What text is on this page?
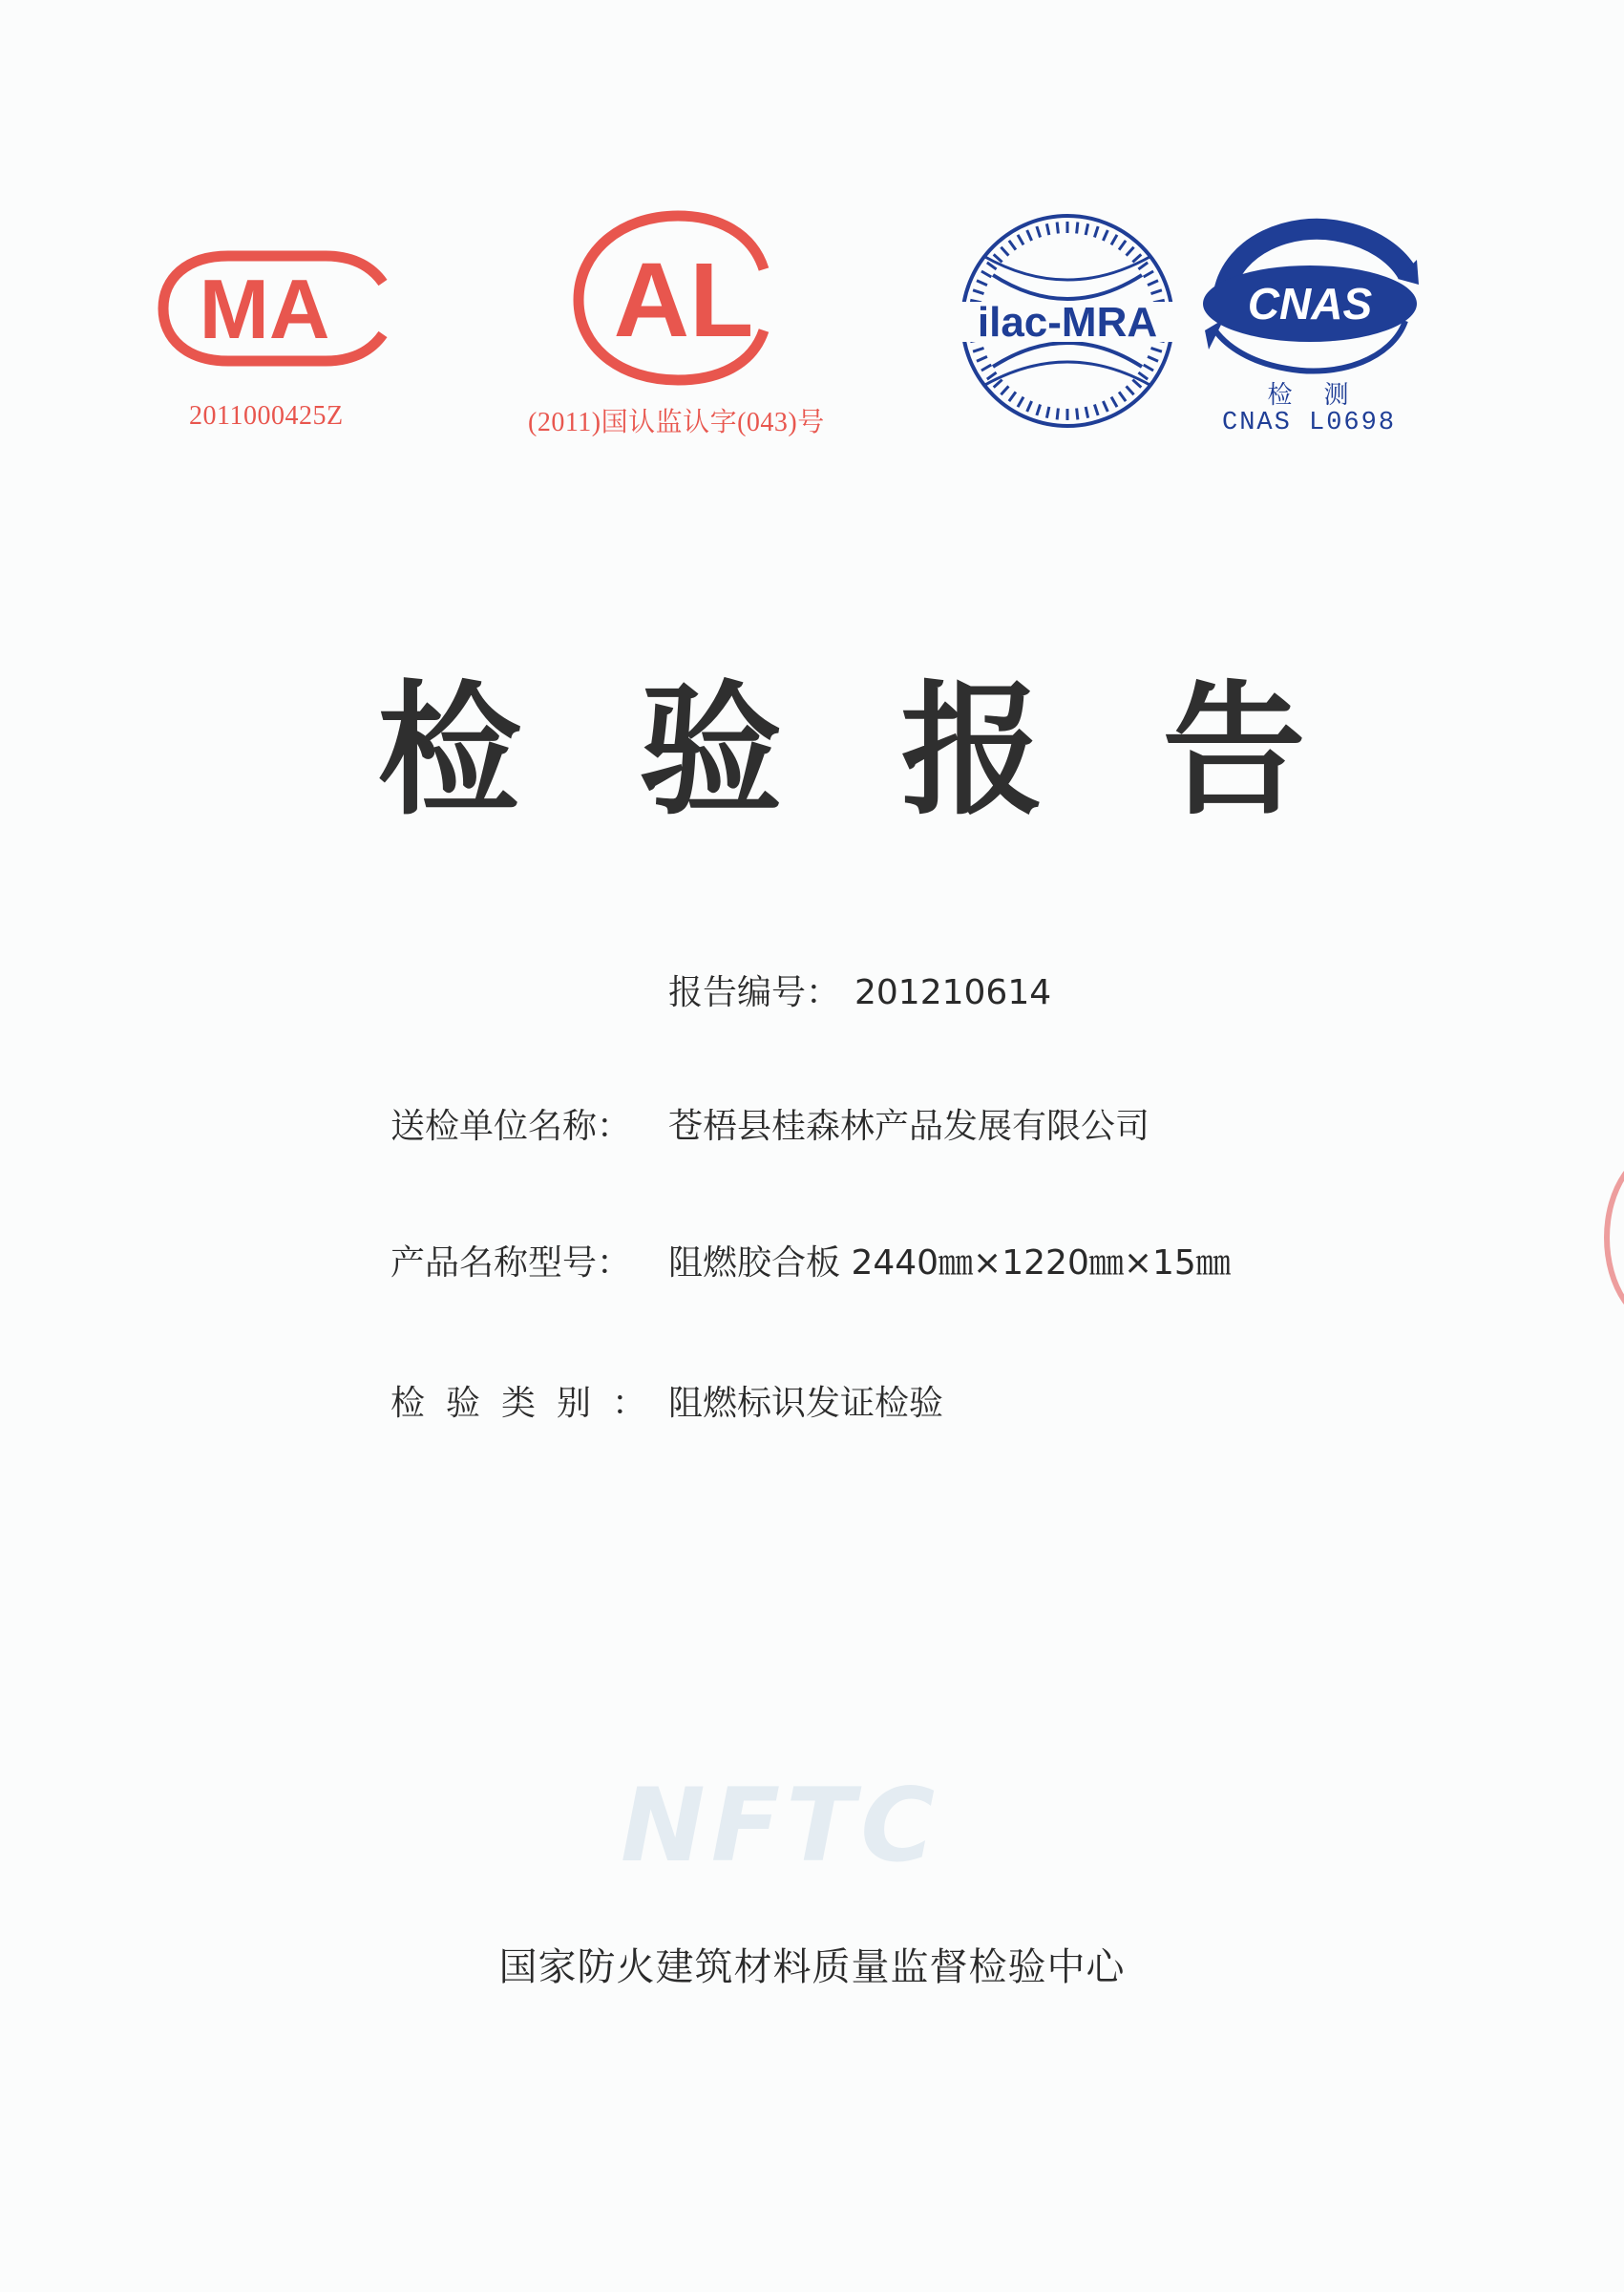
MA
2011000425Z
AL
(2011)国认监认字(043)号
ilac-MRA CNAS
检    测
CNAS L0698
检 验 报 告
报告编号： 201210614
送检单位名称： 苍梧县桂森林产品发展有限公司
产品名称型号： 阻燃胶合板 2440㎜×1220㎜×15㎜
检验类别： 阻燃标识发证检验
NFTC
国家防火建筑材料质量监督检验中心
